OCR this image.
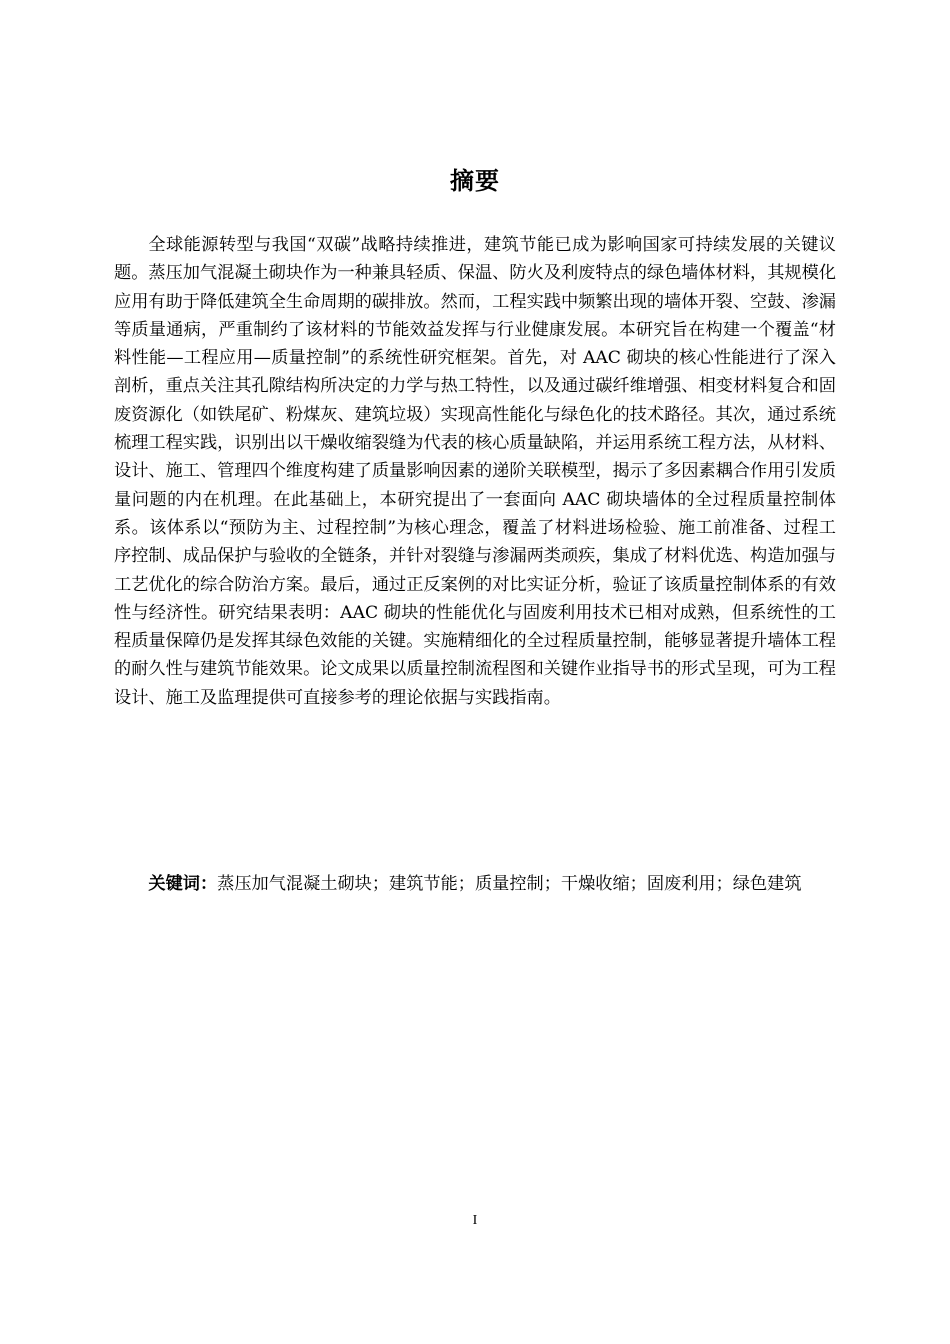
摘要

全球能源转型与我国“双碳”战略持续推进，建筑节能已成为影响国家可持续发展的关键议题。蒸压加气混凝土砌块作为一种兼具轻质、保温、防火及利废特点的绿色墙体材料，其规模化应用有助于降低建筑全生命周期的碳排放。然而，工程实践中频繁出现的墙体开裂、空鼓、渗漏等质量通病，严重制约了该材料的节能效益发挥与行业健康发展。本研究旨在构建一个覆盖“材料性能—工程应用—质量控制”的系统性研究框架。首先，对 AAC 砌块的核心性能进行了深入剖析，重点关注其孔隙结构所决定的力学与热工特性，以及通过碳纤维增强、相变材料复合和固废资源化（如铁尾矿、粉煤灰、建筑垃圾）实现高性能化与绿色化的技术路径。其次，通过系统梳理工程实践，识别出以干燥收缩裂缝为代表的核心质量缺陷，并运用系统工程方法，从材料、设计、施工、管理四个维度构建了质量影响因素的递阶关联模型，揭示了多因素耦合作用引发质量问题的内在机理。在此基础上，本研究提出了一套面向 AAC 砌块墙体的全过程质量控制体系。该体系以“预防为主、过程控制”为核心理念，覆盖了材料进场检验、施工前准备、过程工序控制、成品保护与验收的全链条，并针对裂缝与渗漏两类顽疾，集成了材料优选、构造加强与工艺优化的综合防治方案。最后，通过正反案例的对比实证分析，验证了该质量控制体系的有效性与经济性。研究结果表明：AAC 砌块的性能优化与固废利用技术已相对成熟，但系统性的工程质量保障仍是发挥其绿色效能的关键。实施精细化的全过程质量控制，能够显著提升墙体工程的耐久性与建筑节能效果。论文成果以质量控制流程图和关键作业指导书的形式呈现，可为工程设计、施工及监理提供可直接参考的理论依据与实践指南。

关键词：蒸压加气混凝土砌块；建筑节能；质量控制；干燥收缩；固废利用；绿色建筑

I
